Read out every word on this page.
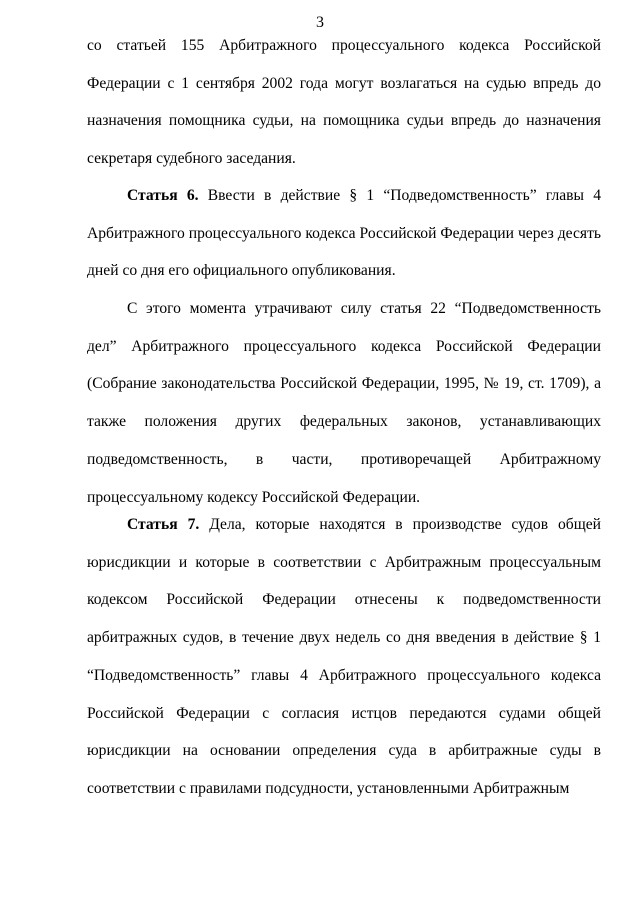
3

со статьей 155 Арбитражного процессуального кодекса Российской Федерации с 1 сентября 2002 года могут возлагаться на судью впредь до назначения помощника судьи, на помощника судьи впредь до назначения секретаря судебного заседания.

Статья 6. Ввести в действие § 1 “Подведомственность” главы 4 Арбитражного процессуального кодекса Российской Федерации через десять дней со дня его официального опубликования.

С этого момента утрачивают силу статья 22 “Подведомственность дел” Арбитражного процессуального кодекса Российской Федерации (Собрание законодательства Российской Федерации, 1995, № 19, ст. 1709), а также положения других федеральных законов, устанавливающих подведомственность, в части, противоречащей Арбитражному процессуальному кодексу Российской Федерации.

Статья 7. Дела, которые находятся в производстве судов общей юрисдикции и которые в соответствии с Арбитражным процессуальным кодексом Российской Федерации отнесены к подведомственности арбитражных судов, в течение двух недель со дня введения в действие § 1 “Подведомственность” главы 4 Арбитражного процессуального кодекса Российской Федерации с согласия истцов передаются судами общей юрисдикции на основании определения суда в арбитражные суды в соответствии с правилами подсудности, установленными Арбитражным
